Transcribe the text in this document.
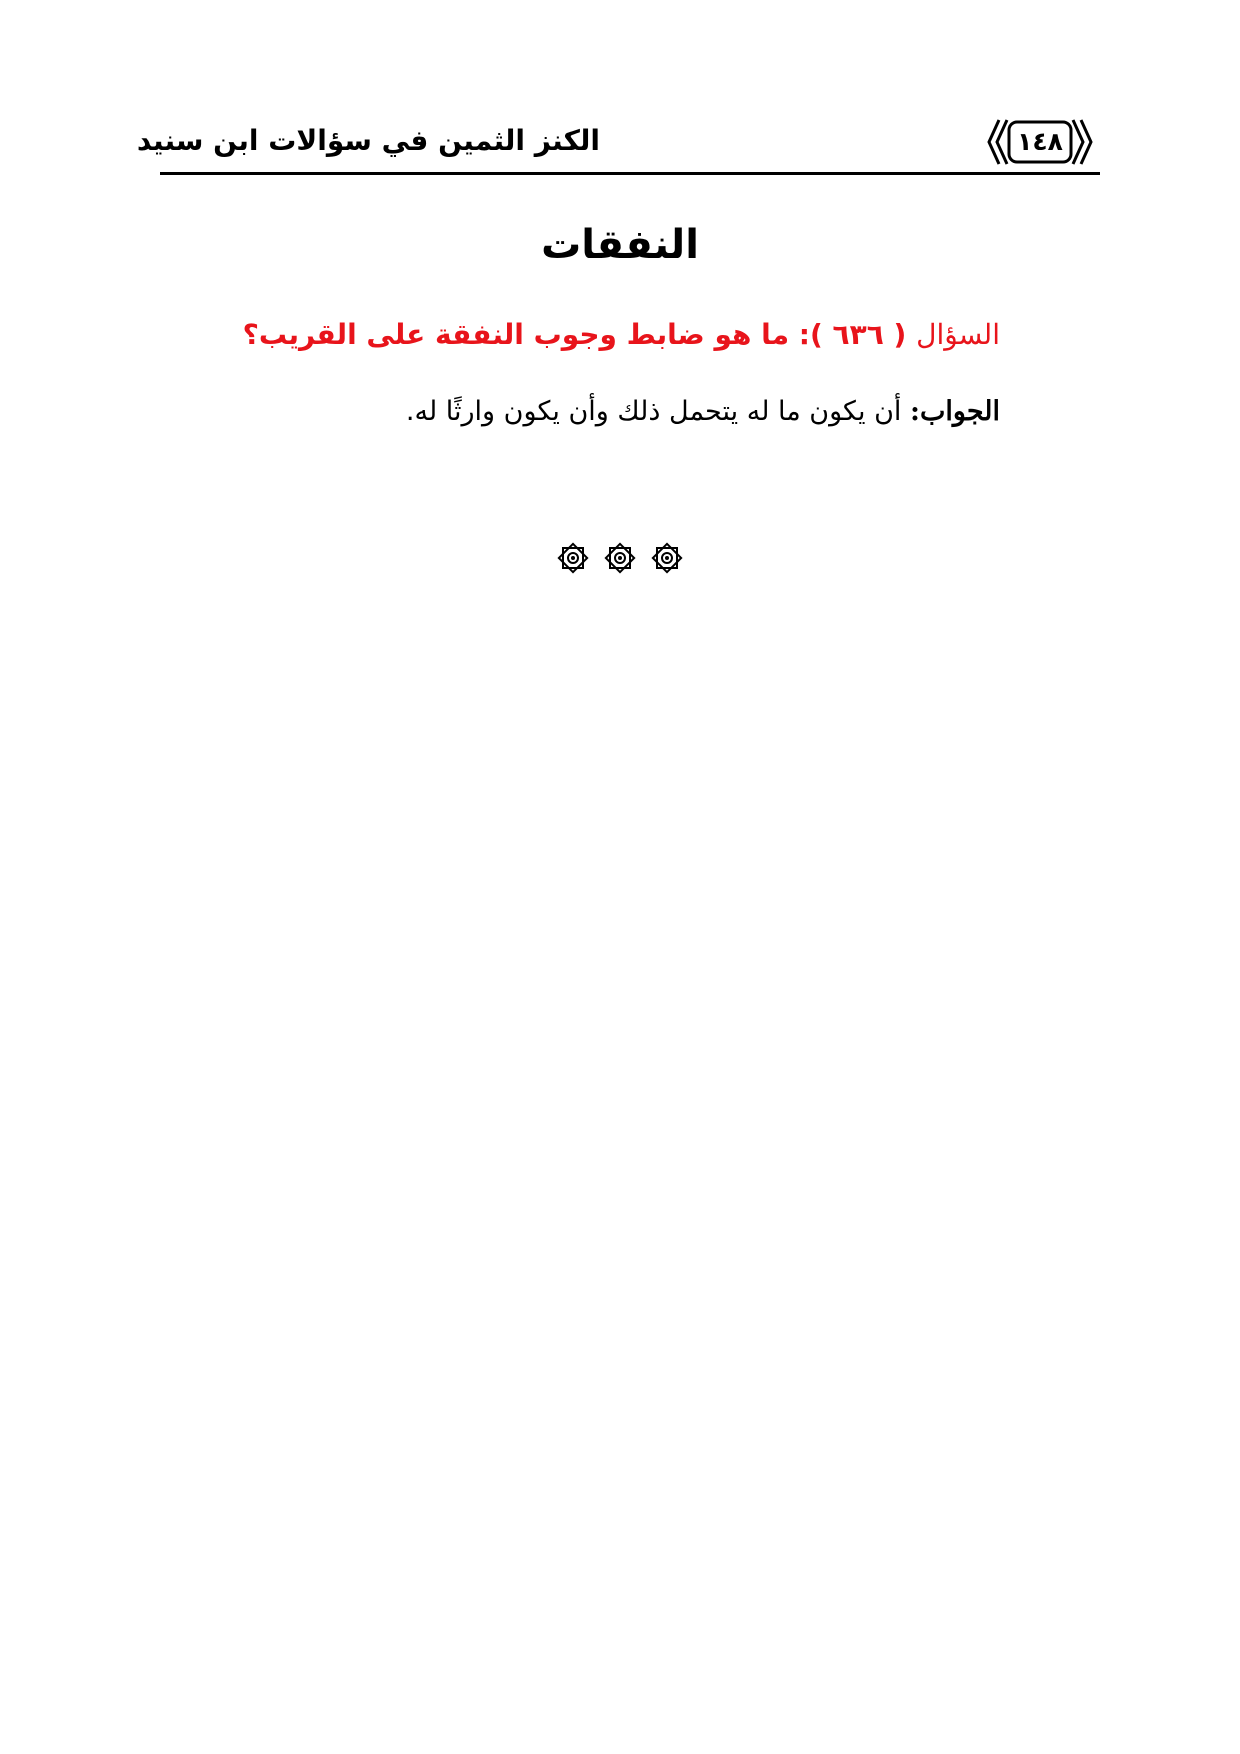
الكنز الثمين في سؤالات ابن سنيد	١٤٨
النفقات
السؤال ( ٦٣٦ ): ما هو ضابط وجوب النفقة على القريب؟
الجواب: أن يكون ما له يتحمل ذلك وأن يكون وارثًا له.
